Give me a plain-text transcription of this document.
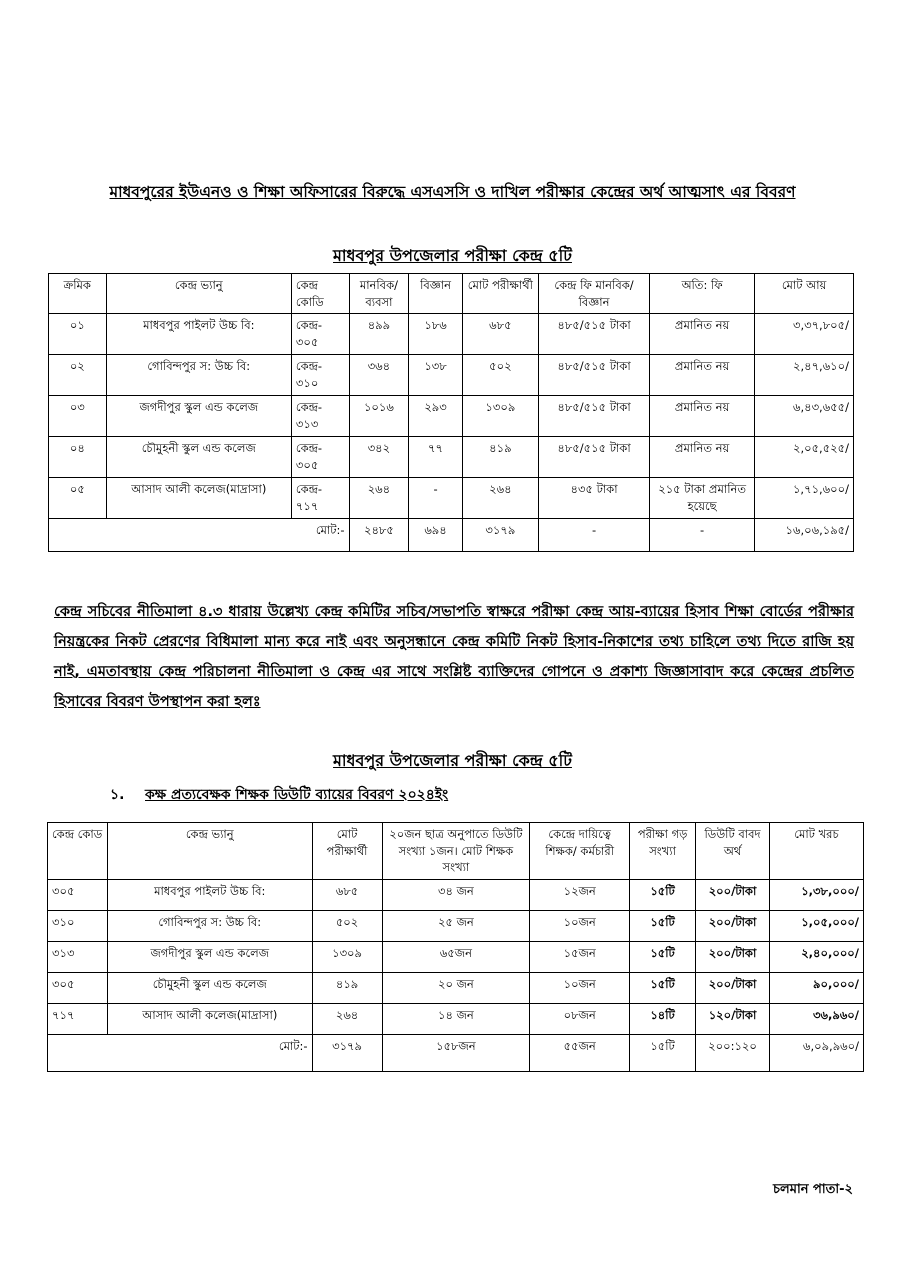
মাধবপুরের ইউএনও ও শিক্ষা অফিসারের বিরুদ্ধে এসএসসি ও দাখিল পরীক্ষার কেন্দ্রের অর্থ আত্মসাৎ এর বিবরণ
মাধবপুর উপজেলার পরীক্ষা কেন্দ্র ৫টি
ক্রমিক	কেন্দ্র ভ্যানু	কেন্দ্র কোডি	মানবিক/ ব্যবসা	বিজ্ঞান	মোট পরীক্ষার্থী	কেন্দ্র ফি মানবিক/বিজ্ঞান	অতি: ফি	মোট আয়
০১	মাধবপুর পাইলট উচ্চ বি:	কেন্দ্র- ৩০৫	৪৯৯	১৮৬	৬৮৫	৪৮৫/৫১৫ টাকা	প্রমানিত নয়	৩,৩৭,৮০৫/
০২	গোবিন্দপুর স: উচ্চ বি:	কেন্দ্র- ৩১০	৩৬৪	১৩৮	৫০২	৪৮৫/৫১৫ টাকা	প্রমানিত নয়	২,৪৭,৬১০/
০৩	জগদীপুর স্কুল এন্ড কলেজ	কেন্দ্র- ৩১৩	১০১৬	২৯৩	১৩০৯	৪৮৫/৫১৫ টাকা	প্রমানিত নয়	৬,৪৩,৬৫৫/
০৪	চৌমুহনী স্কুল এন্ড কলেজ	কেন্দ্র- ৩০৫	৩৪২	৭৭	৪১৯	৪৮৫/৫১৫ টাকা	প্রমানিত নয়	২,০৫,৫২৫/
০৫	আসাদ আলী কলেজ(মাদ্রাসা)	কেন্দ্র- ৭১৭	২৬৪	-	২৬৪	৪৩৫ টাকা	২১৫ টাকা প্রমানিত হয়েছে	১,৭১,৬০০/
মোট:-			২৪৮৫	৬৯৪	৩১৭৯	-	-	১৬,০৬,১৯৫/
কেন্দ্র সচিবের নীতিমালা ৪.৩ ধারায় উল্লেখ্য কেন্দ্র কমিটির সচিব/সভাপতি স্বাক্ষরে পরীক্ষা কেন্দ্র আয়-ব্যায়ের হিসাব শিক্ষা বোর্ডের পরীক্ষার নিয়ন্ত্রকের নিকট প্রেরণের বিধিমালা মান্য করে নাই এবং অনুসন্ধানে কেন্দ্র কমিটি নিকট হিসাব-নিকাশের তথ্য চাহিলে তথ্য দিতে রাজি হয় নাই, এমতাবস্থায় কেন্দ্র পরিচালনা নীতিমালা ও কেন্দ্র এর সাথে সংশ্লিষ্ট ব্যাক্তিদের গোপনে ও প্রকাশ্য জিজ্ঞাসাবাদ করে কেন্দ্রের প্রচলিত হিসাবের বিবরণ উপস্থাপন করা হলঃ
মাধবপুর উপজেলার পরীক্ষা কেন্দ্র ৫টি
১. কক্ষ প্রত্যবেক্ষক শিক্ষক ডিউটি ব্যায়ের বিবরণ ২০২৪ইং
কেন্দ্র কোড	কেন্দ্র ভ্যানু	মোট পরীক্ষার্থী	২০জন ছাত্র অনুপাতে ডিউটি সংখ্যা ১জন। মোট শিক্ষক সংখ্যা	কেন্দ্রে দায়িত্বে শিক্ষক/ কর্মচারী	পরীক্ষা গড় সংখ্যা	ডিউটি বাবদ অর্থ	মোট খরচ
৩০৫	মাধবপুর পাইলট উচ্চ বি:	৬৮৫	৩৪ জন	১২জন	১৫টি	২০০/টাকা	১,৩৮,০০০/
৩১০	গোবিন্দপুর স: উচ্চ বি:	৫০২	২৫ জন	১০জন	১৫টি	২০০/টাকা	১,০৫,০০০/
৩১৩	জগদীপুর স্কুল এন্ড কলেজ	১৩০৯	৬৫জন	১৫জন	১৫টি	২০০/টাকা	২,৪০,০০০/
৩০৫	চৌমুহনী স্কুল এন্ড কলেজ	৪১৯	২০ জন	১০জন	১৫টি	২০০/টাকা	৯০,০০০/
৭১৭	আসাদ আলী কলেজ(মাদ্রাসা)	২৬৪	১৪ জন	০৮জন	১৪টি	১২০/টাকা	৩৬,৯৬০/
মোট:-		৩১৭৯	১৫৮জন	৫৫জন	১৫টি	২০০:১২০	৬,০৯,৯৬০/
চলমান পাতা-২
